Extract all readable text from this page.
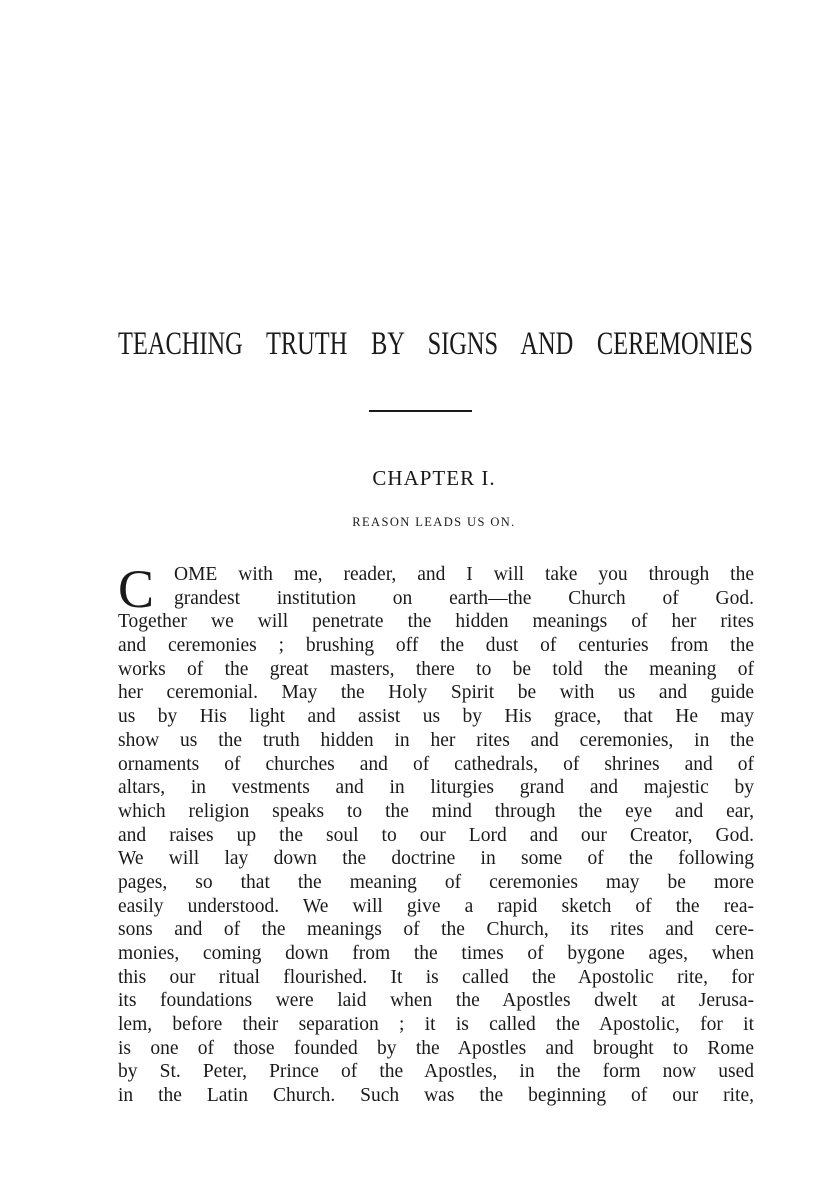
TEACHING TRUTH BY SIGNS AND CEREMONIES
CHAPTER I.
REASON LEADS US ON.
C	OME with me, reader, and I will take you through the
grandest institution on earth—the Church of God.
Together we will penetrate the hidden meanings of her rites
and ceremonies ; brushing off the dust of centuries from the
works of the great masters, there to be told the meaning of
her ceremonial. May the Holy Spirit be with us and guide
us by His light and assist us by His grace, that He may
show us the truth hidden in her rites and ceremonies, in the
ornaments of churches and of cathedrals, of shrines and of
altars, in vestments and in liturgies grand and majestic by
which religion speaks to the mind through the eye and ear,
and raises up the soul to our Lord and our Creator, God.
We will lay down the doctrine in some of the following
pages, so that the meaning of ceremonies may be more
easily understood. We will give a rapid sketch of the rea-
sons and of the meanings of the Church, its rites and cere-
monies, coming down from the times of bygone ages, when
this our ritual flourished. It is called the Apostolic rite, for
its foundations were laid when the Apostles dwelt at Jerusa-
lem, before their separation ; it is called the Apostolic, for it
is one of those founded by the Apostles and brought to Rome
by St. Peter, Prince of the Apostles, in the form now used
in the Latin Church. Such was the beginning of our rite,
